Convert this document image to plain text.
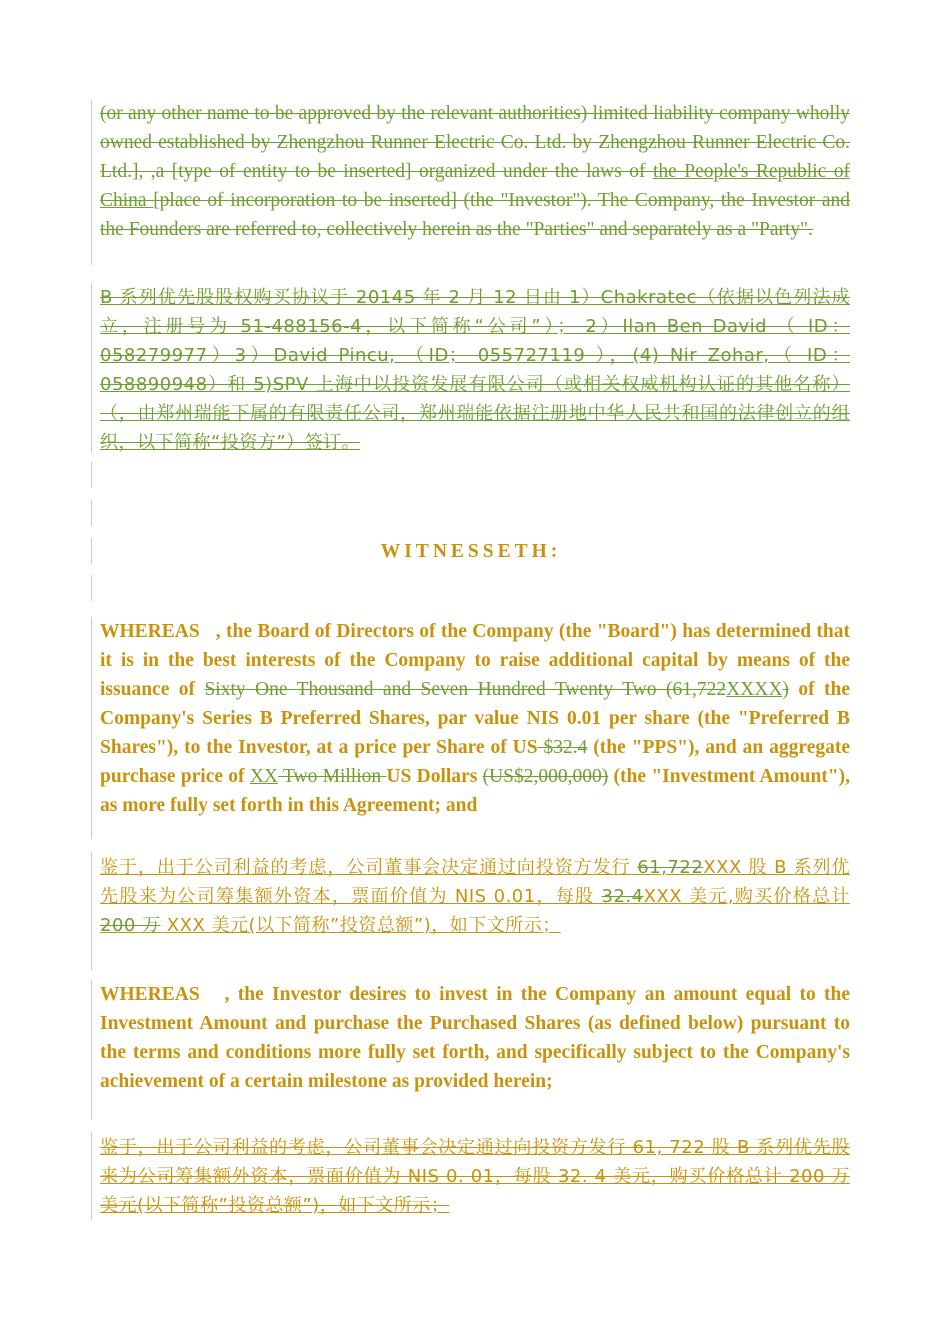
(or any other name to be approved by the relevant authorities) limited liability company wholly owned established by Zhengzhou Runner Electric Co. Ltd. by Zhengzhou Runner Electric Co. Ltd.], ,a [type of entity to be inserted] organized under the laws of the People's Republic of China [place of incorporation to be inserted] (the "Investor"). The Company, the Investor and the Founders are referred to, collectively herein as the "Parties" and separately as a "Party".

B 系列优先股股权购买协议于 20145 年 2 月 12 日由 1）Chakratec（依据以色列法成立，注册号为 51-488156-4，以下简称“公司”）； 2）Ilan Ben David （ ID： 058279977）3）David Pincu, （ID； 055727119 ），(4) Nir Zohar,（ ID： 058890948）和 5)SPV 上海中以投资发展有限公司（或相关权威机构认证的其他名称） （，由郑州瑞能下属的有限责任公司，郑州瑞能依据注册地中华人民共和国的法律创立的组织，以下简称“投资方”）签订。

WITNESSETH:

WHEREAS , the Board of Directors of the Company (the "Board") has determined that it is in the best interests of the Company to raise additional capital by means of the issuance of Sixty One Thousand and Seven Hundred Twenty Two (61,722XXXX) of the Company's Series B Preferred Shares, par value NIS 0.01 per share (the "Preferred B Shares"), to the Investor, at a price per Share of US $32.4 (the "PPS"), and an aggregate purchase price of XX Two Million US Dollars (US$2,000,000) (the "Investment Amount"), as more fully set forth in this Agreement; and

鉴于，出于公司利益的考虑，公司董事会决定通过向投资方发行 61,722XXX 股 B 系列优先股来为公司筹集额外资本，票面价值为 NIS 0.01，每股 32.4XXX 美元,购买价格总计 200 万 XXX 美元(以下简称”投资总额”)，如下文所示；

WHEREAS , the Investor desires to invest in the Company an amount equal to the Investment Amount and purchase the Purchased Shares (as defined below) pursuant to the terms and conditions more fully set forth, and specifically subject to the Company's achievement of a certain milestone as provided herein;

鉴于，出于公司利益的考虑，公司董事会决定通过向投资方发行 61, 722 股 B 系列优先股来为公司筹集额外资本，票面价值为 NIS 0. 01，每股 32. 4 美元，购买价格总计 200 万美元(以下简称”投资总额”)，如下文所示；
